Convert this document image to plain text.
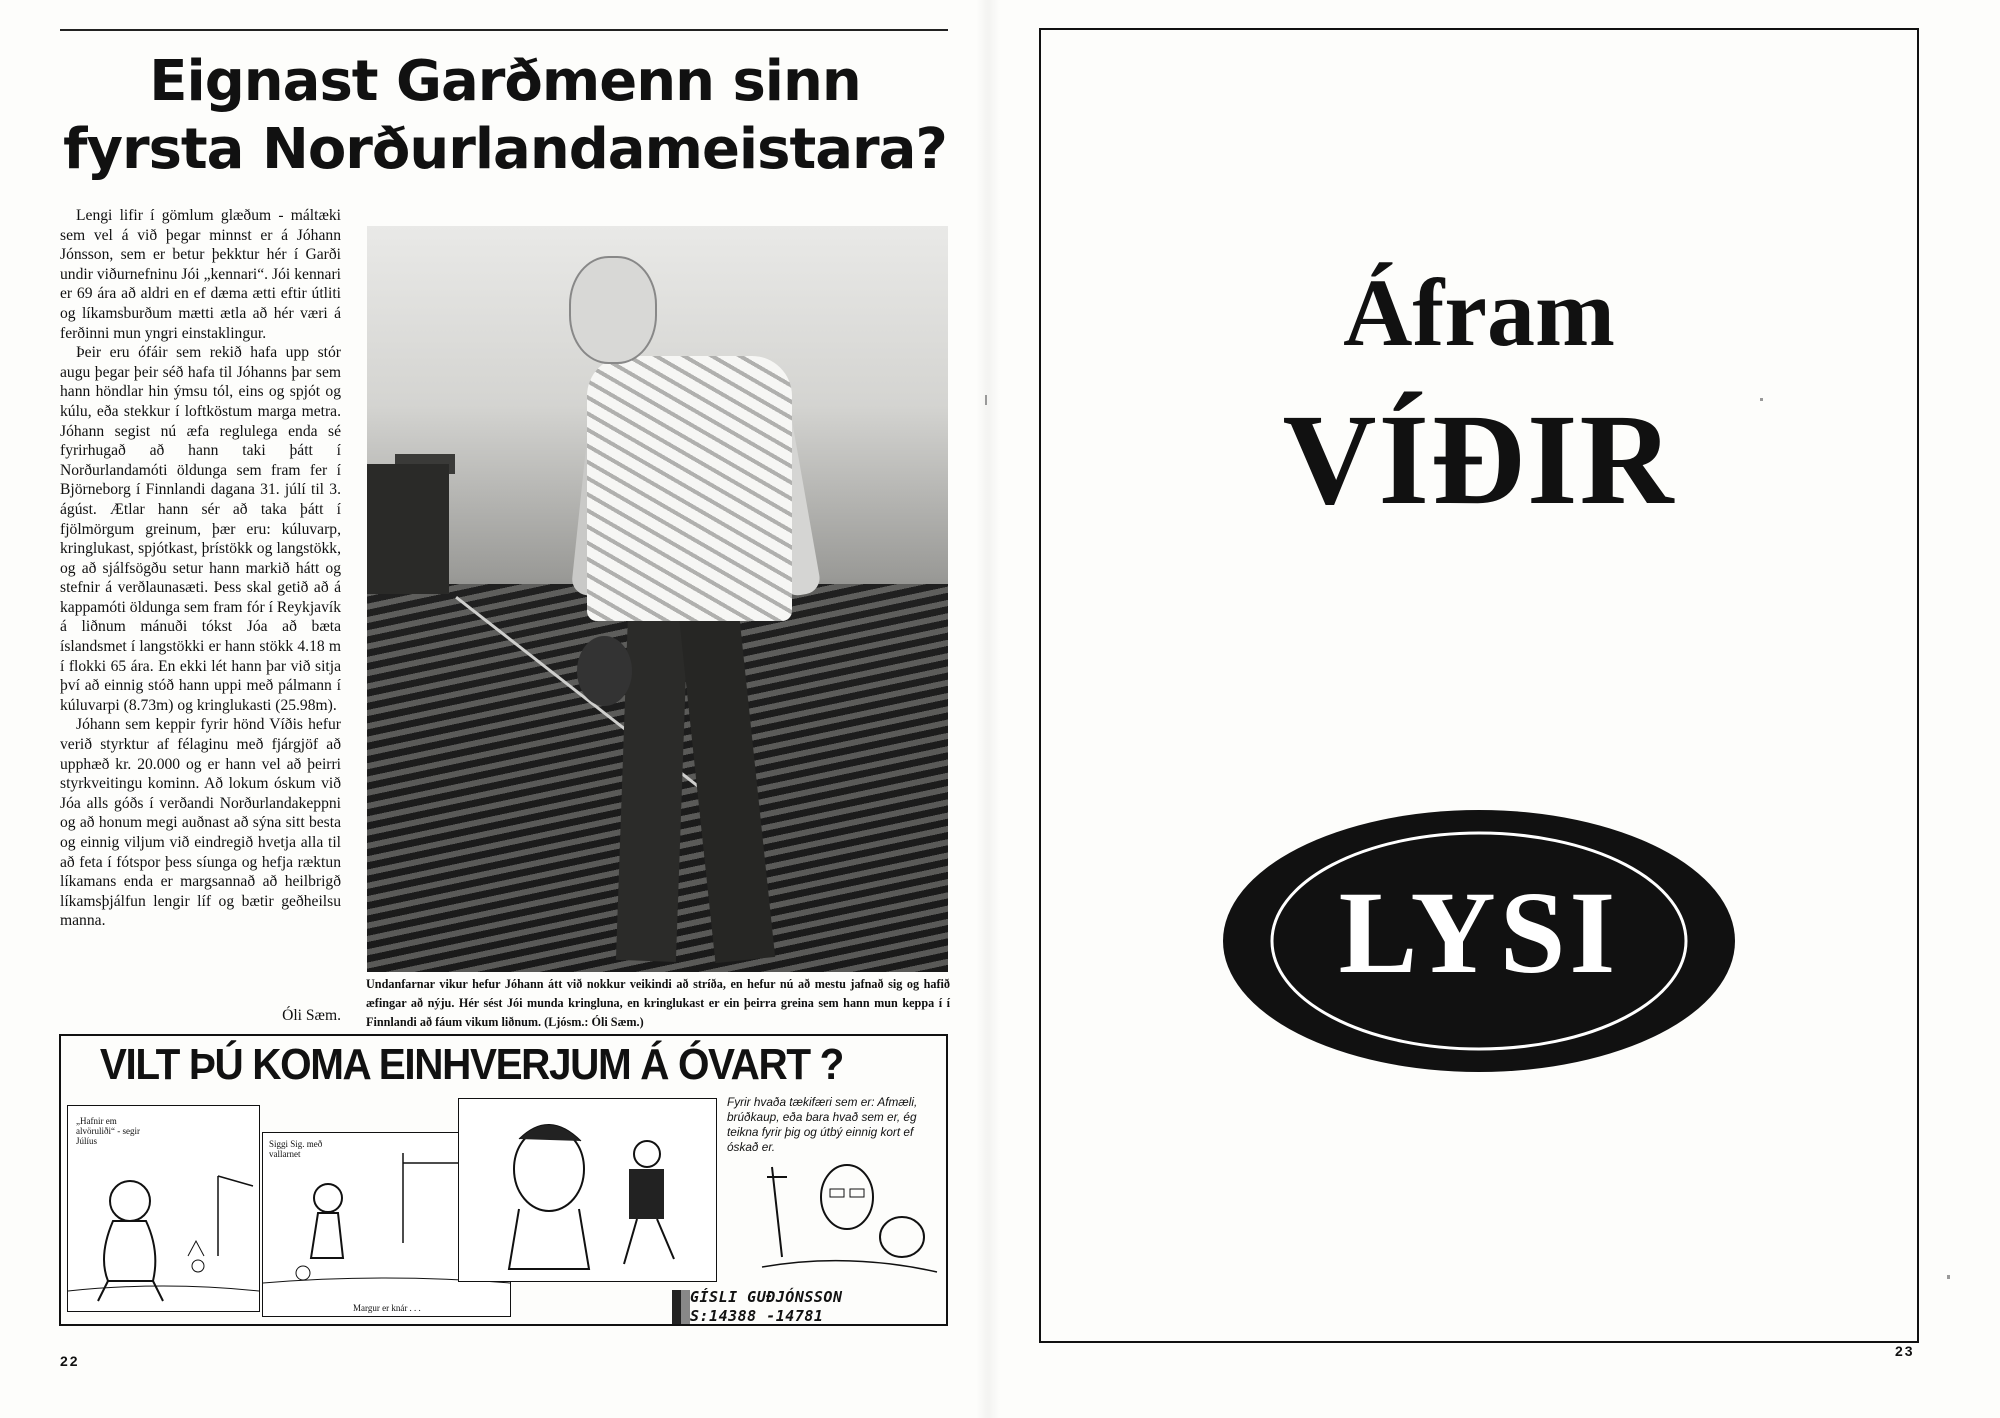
Eignast Garðmenn sinn
fyrsta Norðurlandameistara?

Lengi lifir í gömlum glæðum - máltæki sem vel á við þegar minnst er á Jóhann Jónsson, sem er betur þekktur hér í Garði undir viðurnefninu Jói „kennari“. Jói kennari er 69 ára að aldri en ef dæma ætti eftir útliti og líkamsburðum mætti ætla að hér væri á ferðinni mun yngri einstaklingur.

Þeir eru ófáir sem rekið hafa upp stór augu þegar þeir séð hafa til Jóhanns þar sem hann höndlar hin ýmsu tól, eins og spjót og kúlu, eða stekkur í loftköstum marga metra. Jóhann segist nú æfa reglulega enda sé fyrirhugað að hann taki þátt í Norðurlandamóti öldunga sem fram fer í Björneborg í Finnlandi dagana 31. júlí til 3. ágúst. Ætlar hann sér að taka þátt í fjölmörgum greinum, þær eru: kúluvarp, kringlukast, spjótkast, þrístökk og langstökk, og að sjálfsögðu setur hann markið hátt og stefnir á verðlaunasæti. Þess skal getið að á kappamóti öldunga sem fram fór í Reykjavík á liðnum mánuði tókst Jóa að bæta íslandsmet í langstökki er hann stökk 4.18 m í flokki 65 ára. En ekki lét hann þar við sitja því að einnig stóð hann uppi með pálmann í kúluvarpi (8.73m) og kringlukasti (25.98m).

Jóhann sem keppir fyrir hönd Víðis hefur verið styrktur af félaginu með fjárgjöf að upphæð kr. 20.000 og er hann vel að þeirri styrkveitingu kominn. Að lokum óskum við Jóa alls góðs í verðandi Norðurlandakeppni og að honum megi auðnast að sýna sitt besta og einnig viljum við eindregið hvetja alla til að feta í fótspor þess síunga og hefja ræktun líkamans enda er margsannað að heilbrigð líkamsþjálfun lengir líf og bætir geðheilsu manna.

Óli Sæm.
Undanfarnar vikur hefur Jóhann átt við nokkur veikindi að stríða, en hefur nú að mestu jafnað sig og hafið æfingar að nýju. Hér sést Jói munda kringluna, en kringlukast er ein þeirra greina sem hann mun keppa í í Finnlandi að fáum vikum liðnum. (Ljósm.: Óli Sæm.)
VILT ÞÚ KOMA EINHVERJUM Á ÓVART ?
„Hafnir em alvöruliði“ - segir Júlíus	Siggi Sig. með vallarnet
Margur er knár . . .
Fyrir hvaða tækifæri sem er: Afmæli, brúðkaup, eða bara hvað sem er, ég teikna fyrir þig og útbý einnig kort ef óskað er.
GÍSLI GUÐJÓNSSON
S:14388 -14781
22
Áfram
VÍÐIR
LYSI
23
